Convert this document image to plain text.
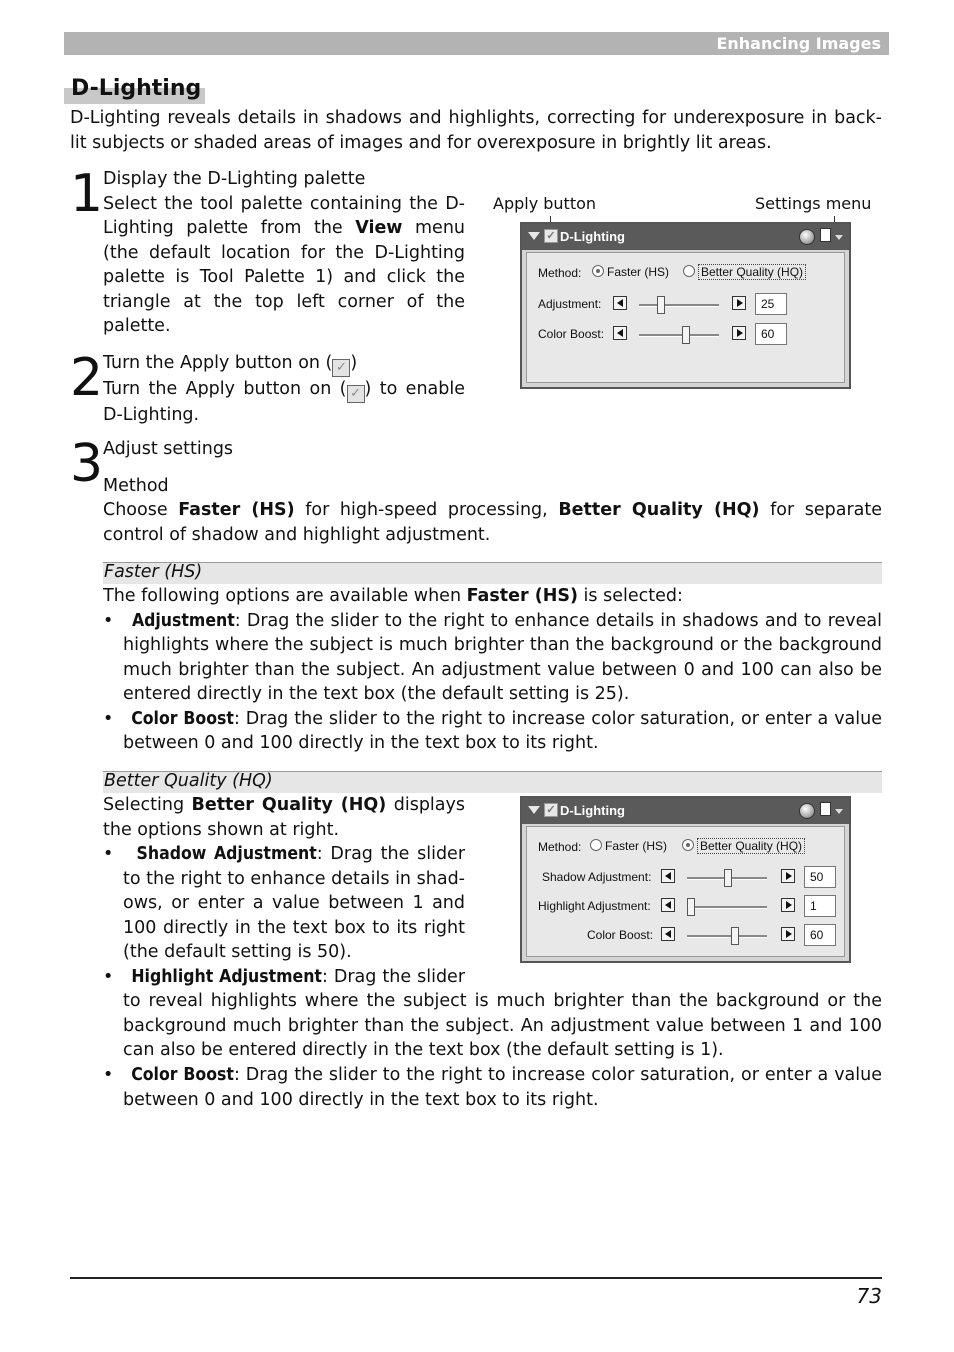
Enhancing Images
D-Lighting
D-Lighting reveals details in shadows and highlights, correcting for underexposure in back-lit subjects or shaded areas of images and for overexposure in brightly lit areas.
1 Display the D-Lighting palette
Select the tool palette containing the D-Lighting palette from the View menu (the default location for the D-Lighting palette is Tool Palette 1) and click the triangle at the top left corner of the palette.
2 Turn the Apply button on ( ✓ )
Turn the Apply button on ( ✓ ) to enable D-Lighting.
3 Adjust settings
Method
Choose Faster (HS) for high-speed processing, Better Quality (HQ) for separate control of shadow and highlight adjustment.
Apply button	Settings menu
✓ D-Lighting
Method:	Faster (HS)	Better Quality (HQ)
Adjustment:	25
Color Boost:	60
Faster (HS)
The following options are available when Faster (HS) is selected:
•   Adjustment: Drag the slider to the right to enhance details in shadows and to reveal highlights where the subject is much brighter than the background or the background much brighter than the subject. An adjustment value between 0 and 100 can also be entered directly in the text box (the default setting is 25).
•   Color Boost: Drag the slider to the right to increase color saturation, or enter a value between 0 and 100 directly in the text box to its right.
Better Quality (HQ)
Selecting Better Quality (HQ) displays the options shown at right.
•   Shadow Adjustment: Drag the slider to the right to enhance details in shad-ows, or enter a value between 1 and 100 directly in the text box to its right (the default setting is 50).
•   Highlight Adjustment: Drag the slider
to reveal highlights where the subject is much brighter than the background or the background much brighter than the subject. An adjustment value between 1 and 100 can also be entered directly in the text box (the default setting is 1).
•   Color Boost: Drag the slider to the right to increase color saturation, or enter a value between 0 and 100 directly in the text box to its right.
✓ D-Lighting
Method:	Faster (HS)	Better Quality (HQ)
Shadow Adjustment:	50
Highlight Adjustment:	1
Color Boost:	60
73
